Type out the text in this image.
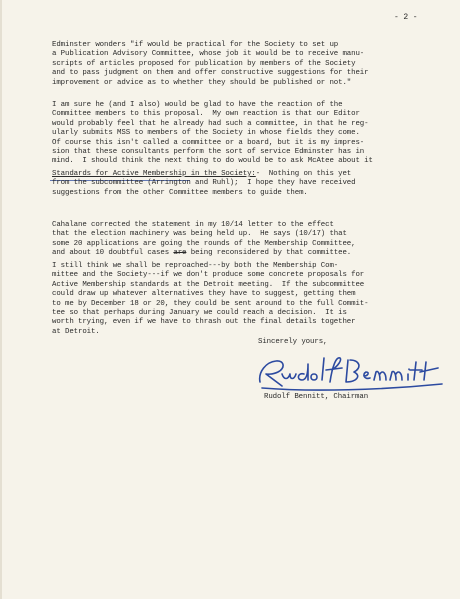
- 2 -
Edminster wonders "if would be practical for the Society to set up
a Publication Advisory Committee, whose job it would be to receive manu-
scripts of articles proposed for publication by members of the Society
and to pass judgment on them and offer constructive suggestions for their
improvement or advice as to whether they should be published or not."
I am sure he (and I also) would be glad to have the reaction of the
Committee members to this proposal.  My own reaction is that our Editor
would probably feel that he already had such a committee, in that he reg-
ularly submits MSS to members of the Society in whose fields they come.
Of course this isn't called a committee or a board, but it is my impres-
sion that these consultants perform the sort of service Edminster has in
mind.  I should think the next thing to do would be to ask McAtee about it
Standards for Active Membership in the Society:-  Nothing on this yet
from the subcommittee (Arrington and Ruhl);  I hope they have received
suggestions from the other Committee members to guide them.
Cahalane corrected the statement in my 10/14 letter to the effect
that the election machinery was being held up.  He says (10/17) that
some 20 applications are going the rounds of the Membership Committee,
and about 10 doubtful cases are being reconsidered by that committee.
I still think we shall be reproached---by both the Membership Com-
mittee and the Society---if we don't produce some concrete proposals for
Active Membership standards at the Detroit meeting.  If the subcommittee
could draw up whatever alternatives they have to suggest, getting them
to me by December 18 or 20, they could be sent around to the full Commit-
tee so that perhaps during January we could reach a decision.  It is
worth trying, even if we have to thrash out the final details together
at Detroit.
Sincerely yours,
Rudolf Bennitt, Chairman
